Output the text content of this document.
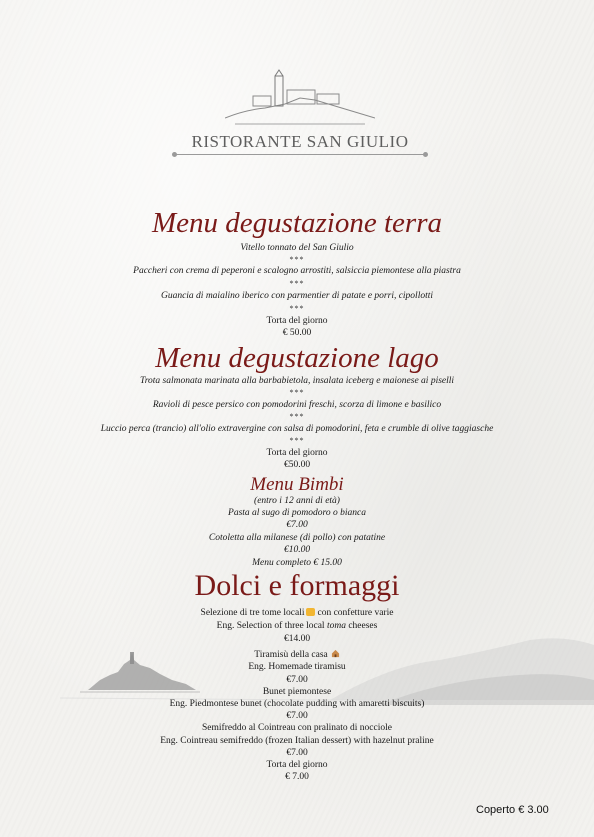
RISTORANTE SAN GIULIO
Menu degustazione terra
Vitello tonnato del San Giulio
***
Paccheri con crema di peperoni e scalogno arrostiti, salsiccia piemontese alla piastra
***
Guancia di maialino iberico con parmentier di patate e porri, cipollotti
***
Torta del giorno
€ 50.00
Menu degustazione lago
Trota salmonata marinata alla barbabietola, insalata iceberg e maionese ai piselli
***
Ravioli di pesce persico con pomodorini freschi, scorza di limone e basilico
***
Luccio perca (trancio) all'olio extravergine con salsa di pomodorini, feta e crumble di olive taggiasche
***
Torta del giorno
€50.00
Menu Bimbi
(entro i 12 anni di età)
Pasta al sugo di pomodoro o bianca
€7.00
Cotoletta alla milanese (di pollo) con patatine
€10.00
Menu completo € 15.00
Dolci e formaggi
Selezione di tre tome locali con confetture varie
Eng. Selection of three local toma cheeses
€14.00
Tiramisù della casa
Eng. Homemade tiramisu
€7.00
Bunet piemontese
Eng. Piedmontese bunet (chocolate pudding with amaretti biscuits)
€7.00
Semifreddo al Cointreau con pralinato di nocciole
Eng. Cointreau semifreddo (frozen Italian dessert) with hazelnut praline
€7.00
Torta del giorno
€ 7.00
Coperto € 3.00
